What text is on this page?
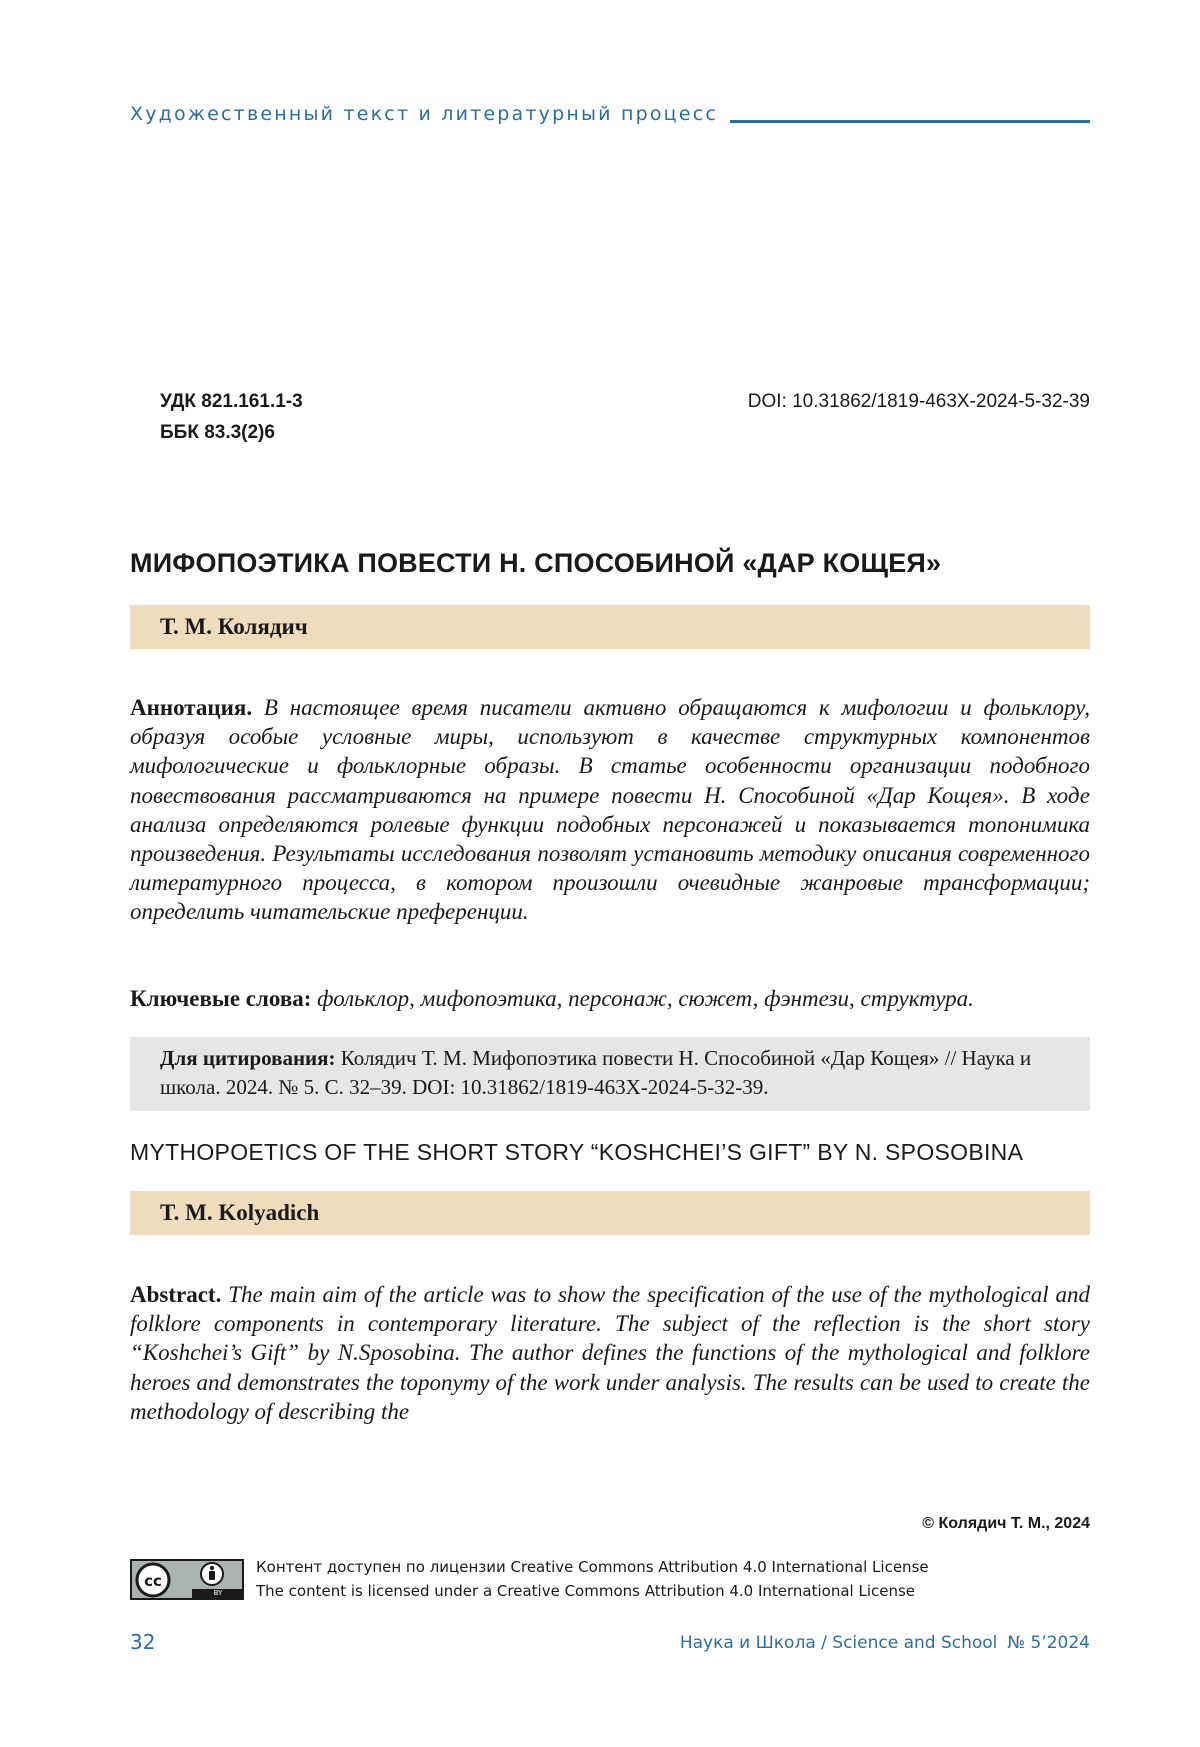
Художественный текст и литературный процесс
УДК 821.161.1-3
ББК 83.3(2)6
DOI: 10.31862/1819-463X-2024-5-32-39
МИФОПОЭТИКА ПОВЕСТИ Н. СПОСОБИНОЙ «ДАР КОЩЕЯ»
Т. М. Колядич
Аннотация. В настоящее время писатели активно обращаются к мифологии и фольклору, образуя особые условные миры, используют в качестве структурных компонентов мифологические и фольклорные образы. В статье особенности организации подобного повествования рассматриваются на примере повести Н. Способиной «Дар Кощея». В ходе анализа определяются ролевые функции подобных персонажей и показывается топонимика произведения. Результаты исследования позволят установить методику описания современного литературного процесса, в котором произошли очевидные жанровые трансформации; определить читательские преференции.
Ключевые слова: фольклор, мифопоэтика, персонаж, сюжет, фэнтези, структура.
Для цитирования: Колядич Т. М. Мифопоэтика повести Н. Способиной «Дар Кощея» // Наука и школа. 2024. № 5. С. 32–39. DOI: 10.31862/1819-463X-2024-5-32-39.
MYTHOPOETICS OF THE SHORT STORY “KOSHCHEI’S GIFT” BY N. SPOSOBINA
T. M. Kolyadich
Abstract. The main aim of the article was to show the specification of the use of the mythological and folklore components in contemporary literature. The subject of the reflection is the short story “Koshchei’s Gift” by N.Sposobina. The author defines the functions of the mythological and folklore heroes and demonstrates the toponymy of the work under analysis. The results can be used to create the methodology of describing the
© Колядич Т. М., 2024
cc
BY
Контент доступен по лицензии Creative Commons Attribution 4.0 International License
The content is licensed under a Creative Commons Attribution 4.0 International License
32	Наука и Школа / Science and School № 5’2024
